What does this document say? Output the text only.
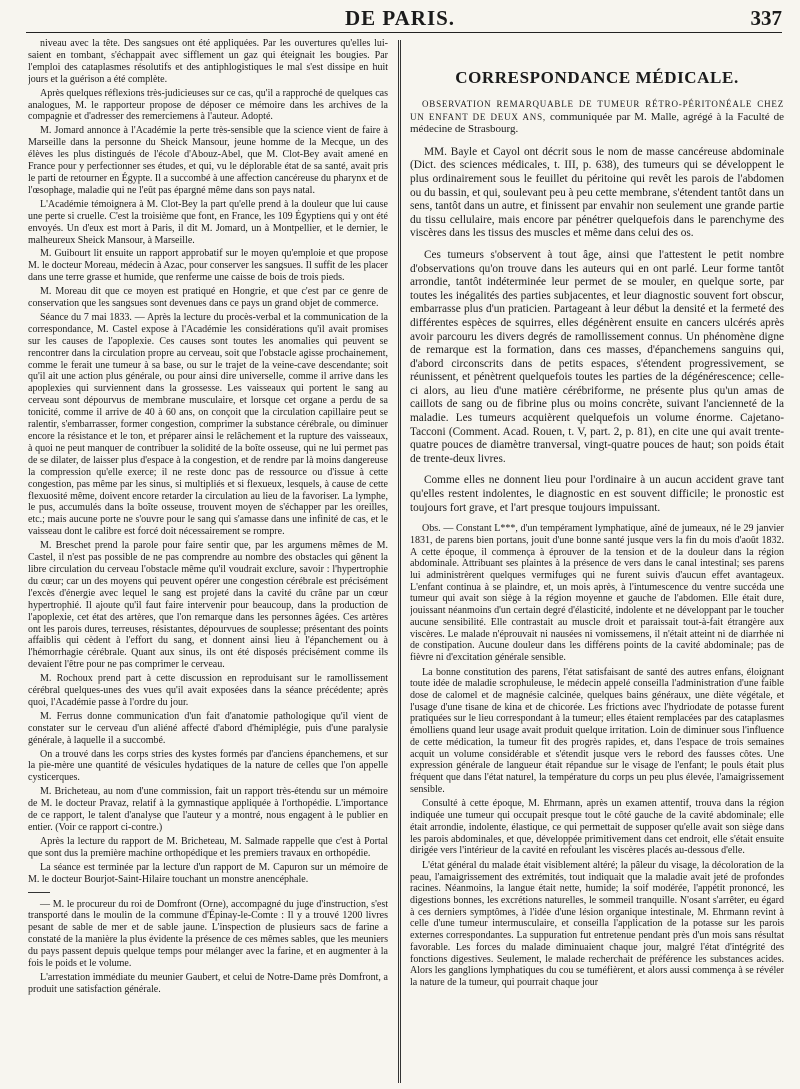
DE PARIS.	337

niveau avec la tête. Des sangsues ont été appliquées. Par les ouvertures qu'elles lui-saient en tombant, s'échappait avec sifflement un gaz qui éteignait les bougies. Par l'emploi des cataplasmes résolutifs et des antiphlogistiques le mal s'est dissipe en huit jours et la guérison a été complète.

Après quelques réflexions très-judicieuses sur ce cas, qu'il a rapproché de quelques cas analogues, M. le rapporteur propose de déposer ce mémoire dans les archives de la compagnie et d'adresser des remerciemens à l'auteur. Adopté.

M. Jomard annonce à l'Académie la perte très-sensible que la science vient de faire à Marseille dans la personne du Sheick Mansour, jeune homme de la Mecque, un des élèves les plus distingués de l'école d'Abouz-Abel, que M. Clot-Bey avait amené en France pour y perfectionner ses études, et qui, vu le déplorable état de sa santé, avait pris le parti de retourner en Égypte. Il a succombé à une affection cancéreuse du pharynx et de l'œsophage, maladie qui ne l'eût pas épargné même dans son pays natal.

L'Académie témoignera à M. Clot-Bey la part qu'elle prend à la douleur que lui cause une perte si cruelle. C'est la troisième que font, en France, les 109 Égyptiens qui y ont été envoyés. Un d'eux est mort à Paris, il dit M. Jomard, un à Montpellier, et le dernier, le malheureux Sheick Mansour, à Marseille.

M. Guibourt lit ensuite un rapport approbatif sur le moyen qu'emploie et que propose M. le docteur Moreau, médecin à Azac, pour conserver les sangsues. Il suffit de les placer dans une terre grasse et humide, que renferme une caisse de bois de trois pieds.

M. Moreau dit que ce moyen est pratiqué en Hongrie, et que c'est par ce genre de conservation que les sangsues sont devenues dans ce pays un grand objet de commerce.

Séance du 7 mai 1833. — Après la lecture du procès-verbal et la communication de la correspondance, M. Castel expose à l'Académie les considérations qu'il avait promises sur les causes de l'apoplexie. Ces causes sont toutes les anomalies qui peuvent se rencontrer dans la circulation propre au cerveau, soit que l'obstacle agisse prochainement, comme le ferait une tumeur à sa base, ou sur le trajet de la veine-cave descendante; soit qu'il ait une action plus générale, ou pour ainsi dire universelle, comme il arrive dans les apoplexies qui surviennent dans la grossesse. Les vaisseaux qui portent le sang au cerveau sont dépourvus de membrane musculaire, et lorsque cet organe a perdu de sa tonicité, comme il arrive de 40 à 60 ans, on conçoit que la circulation capillaire peut se ralentir, s'embarrasser, former congestion, comprimer la substance cérébrale, ou diminuer encore la résistance et le ton, et préparer ainsi le relâchement et la rupture des vaisseaux, à quoi ne peut manquer de contribuer la solidité de la boîte osseuse, qui ne lui permet pas de se dilater, de laisser plus d'espace à la congestion, et de rendre par là moins dangereuse la compression qu'elle exerce; il ne reste donc pas de ressource ou d'issue à cette congestion, pas même par les sinus, si multipliés et si flexueux, lesquels, à cause de cette flexuosité même, doivent encore retarder la circulation au lieu de la favoriser. La lymphe, le pus, accumulés dans la boîte osseuse, trouvent moyen de s'échapper par les oreilles, etc.; mais aucune porte ne s'ouvre pour le sang qui s'amasse dans une infinité de cas, et le vaisseau dont le calibre est forcé doit nécessairement se rompre.

M. Breschet prend la parole pour faire sentir que, par les argumens mêmes de M. Castel, il n'est pas possible de ne pas comprendre au nombre des obstacles qui gênent la libre circulation du cerveau l'obstacle même qu'il voudrait exclure, savoir : l'hypertrophie du cœur; car un des moyens qui peuvent opérer une congestion cérébrale est précisément l'excès d'énergie avec lequel le sang est projeté dans la cavité du crâne par un cœur hypertrophié. Il ajoute qu'il faut faire intervenir pour beaucoup, dans la production de l'apoplexie, cet état des artères, que l'on remarque dans les personnes âgées. Ces artères ont les parois dures, terreuses, résistantes, dépourvues de souplesse; présentant des points affaiblis qui cèdent à l'effort du sang, et donnent ainsi lieu à l'épanchement ou à l'hémorrhagie cérébrale. Quant aux sinus, ils ont été disposés précisément comme ils devaient l'être pour ne pas comprimer le cerveau.

M. Rochoux prend part à cette discussion en reproduisant sur le ramollissement cérébral quelques-unes des vues qu'il avait exposées dans la séance précédente; après quoi, l'Académie passe à l'ordre du jour.

M. Ferrus donne communication d'un fait d'anatomie pathologique qu'il vient de constater sur le cerveau d'un aliéné affecté d'abord d'hémiplégie, puis d'une paralysie générale, à laquelle il a succombé.

On a trouvé dans les corps stries des kystes formés par d'anciens épanchemens, et sur la pie-mère une quantité de vésicules hydatiques de la nature de celles que l'on appelle cysticerques.

M. Bricheteau, au nom d'une commission, fait un rapport très-étendu sur un mémoire de M. le docteur Pravaz, relatif à la gymnastique appliquée à l'orthopédie. L'importance de ce rapport, le talent d'analyse que l'auteur y a montré, nous engagent à le publier en entier. (Voir ce rapport ci-contre.)

Après la lecture du rapport de M. Bricheteau, M. Salmade rappelle que c'est à Portal que sont dus la première machine orthopédique et les premiers travaux en orthopédie.

La séance est terminée par la lecture d'un rapport de M. Capuron sur un mémoire de M. le docteur Bourjot-Saint-Hilaire touchant un monstre anencéphale.

— M. le procureur du roi de Domfront (Orne), accompagné du juge d'instruction, s'est transporté dans le moulin de la commune d'Épinay-le-Comte : Il y a trouvé 1200 livres pesant de sable de mer et de sable jaune. L'inspection de plusieurs sacs de farine a constaté de la manière la plus évidente la présence de ces mêmes sables, que les meuniers du pays passent depuis quelque temps pour mélanger avec la farine, et en augmenter à la fois le poids et le volume.

L'arrestation immédiate du meunier Gaubert, et celui de Notre-Dame près Domfront, a produit une satisfaction générale.

CORRESPONDANCE MÉDICALE.
OBSERVATION REMARQUABLE DE TUMEUR RÉTRO-PÉRITONÉALE CHEZ UN ENFANT DE DEUX ANS, communiquée par M. Malle, agrégé à la Faculté de médecine de Strasbourg.

MM. Bayle et Cayol ont décrit sous le nom de masse cancéreuse abdominale (Dict. des sciences médicales, t. III, p. 638), des tumeurs qui se développent le plus ordinairement sous le feuillet du péritoine qui revêt les parois de l'abdomen ou du bassin, et qui, soulevant peu à peu cette membrane, s'étendent tantôt dans un sens, tantôt dans un autre, et finissent par envahir non seulement une grande partie du tissu cellulaire, mais encore par pénétrer quelquefois dans le parenchyme des viscères dans les tissus des muscles et même dans celui des os.

Ces tumeurs s'observent à tout âge, ainsi que l'attestent le petit nombre d'observations qu'on trouve dans les auteurs qui en ont parlé. Leur forme tantôt arrondie, tantôt indéterminée leur permet de se mouler, en quelque sorte, par toutes les inégalités des parties subjacentes, et leur diagnostic souvent fort obscur, embarrasse plus d'un praticien. Partageant à leur début la densité et la fermeté des différentes espèces de squirres, elles dégénèrent ensuite en cancers ulcérés après avoir parcouru les divers degrés de ramollissement connus. Un phénomène digne de remarque est la formation, dans ces masses, d'épanchemens sanguins qui, d'abord circonscrits dans de petits espaces, s'étendent progressivement, se réunissent, et pénètrent quelquefois toutes les parties de la dégénérescence; celle-ci alors, au lieu d'une matière cérébriforme, ne présente plus qu'un amas de caillots de sang ou de fibrine plus ou moins concrète, suivant l'ancienneté de la maladie. Les tumeurs acquièrent quelquefois un volume énorme. Cajetano-Tacconi (Comment. Acad. Rouen, t. V, part. 2, p. 81), en cite une qui avait trente-quatre pouces de diamètre tranversal, vingt-quatre pouces de haut; son poids était de trente-deux livres.

Comme elles ne donnent lieu pour l'ordinaire à un aucun accident grave tant qu'elles restent indolentes, le diagnostic en est souvent difficile; le pronostic est toujours fort grave, et l'art presque toujours impuissant.

Obs. — Constant L***, d'un tempérament lymphatique, aîné de jumeaux, né le 29 janvier 1831, de parens bien portans, jouit d'une bonne santé jusque vers la fin du mois d'août 1832. A cette époque, il commença à éprouver de la tension et de la douleur dans la région abdominale. Attribuant ses plaintes à la présence de vers dans le canal intestinal; ses parens lui administrèrent quelques vermifuges qui ne furent suivis d'aucun effet avantageux. L'enfant continua à se plaindre, et, un mois après, à l'intumescence du ventre succéda une tumeur qui avait son siège à la région moyenne et gauche de l'abdomen. Elle était dure, jouissant néanmoins d'un certain degré d'élasticité, indolente et ne développant par le toucher aucune sensibilité. Elle contrastait au muscle droit et paraissait tout-à-fait étrangère aux viscères. Le malade n'éprouvait ni nausées ni vomissemens, il n'était atteint ni de diarrhée ni de constipation. Aucune douleur dans les différens points de la cavité abdominale; pas de fièvre ni d'excitation générale sensible.

La bonne constitution des parens, l'état satisfaisant de santé des autres enfans, éloignant toute idée de maladie scrophuleuse, le médecin appelé conseilla l'administration d'une faible dose de calomel et de magnésie calcinée, quelques bains généraux, une diète végétale, et l'usage d'une tisane de kina et de chicorée. Les frictions avec l'hydriodate de potasse furent pratiquées sur le lieu correspondant à la tumeur; elles étaient remplacées par des cataplasmes émolliens quand leur usage avait produit quelque irritation. Loin de diminuer sous l'influence de cette médication, la tumeur fit des progrès rapides, et, dans l'espace de trois semaines acquit un volume considérable et s'étendit jusque vers le rebord des fausses côtes. Une expression générale de langueur était répandue sur le visage de l'enfant; le pouls était plus fréquent que dans l'état naturel, la température du corps un peu plus élevée, l'amaigrissement sensible.

Consulté à cette époque, M. Ehrmann, après un examen attentif, trouva dans la région indiquée une tumeur qui occupait presque tout le côté gauche de la cavité abdominale; elle était arrondie, indolente, élastique, ce qui permettait de supposer qu'elle avait son siège dans les parois abdominales, et que, développée primitivement dans cet endroit, elle s'était ensuite dirigée vers l'intérieur de la cavité en refoulant les viscères placés au-dessous d'elle.

L'état général du malade était visiblement altéré; la pâleur du visage, la décoloration de la peau, l'amaigrissement des extrémités, tout indiquait que la maladie avait jeté de profondes racines. Néanmoins, la langue était nette, humide; la soif modérée, l'appétit prononcé, les digestions bonnes, les excrétions naturelles, le sommeil tranquille. N'osant s'arrêter, eu égard à ces derniers symptômes, à l'idée d'une lésion organique intestinale, M. Ehrmann revint à celle d'une tumeur intermusculaire, et conseilla l'application de la potasse sur les parois externes correspondantes. La suppuration fut entretenue pendant près d'un mois sans résultat favorable. Les forces du malade diminuaient chaque jour, malgré l'état d'intégrité des fonctions digestives. Seulement, le malade recherchait de préférence les substances acides. Alors les ganglions lymphatiques du cou se tuméfièrent, et alors aussi commença à se révéler la nature de la tumeur, qui pourrait chaque jour
